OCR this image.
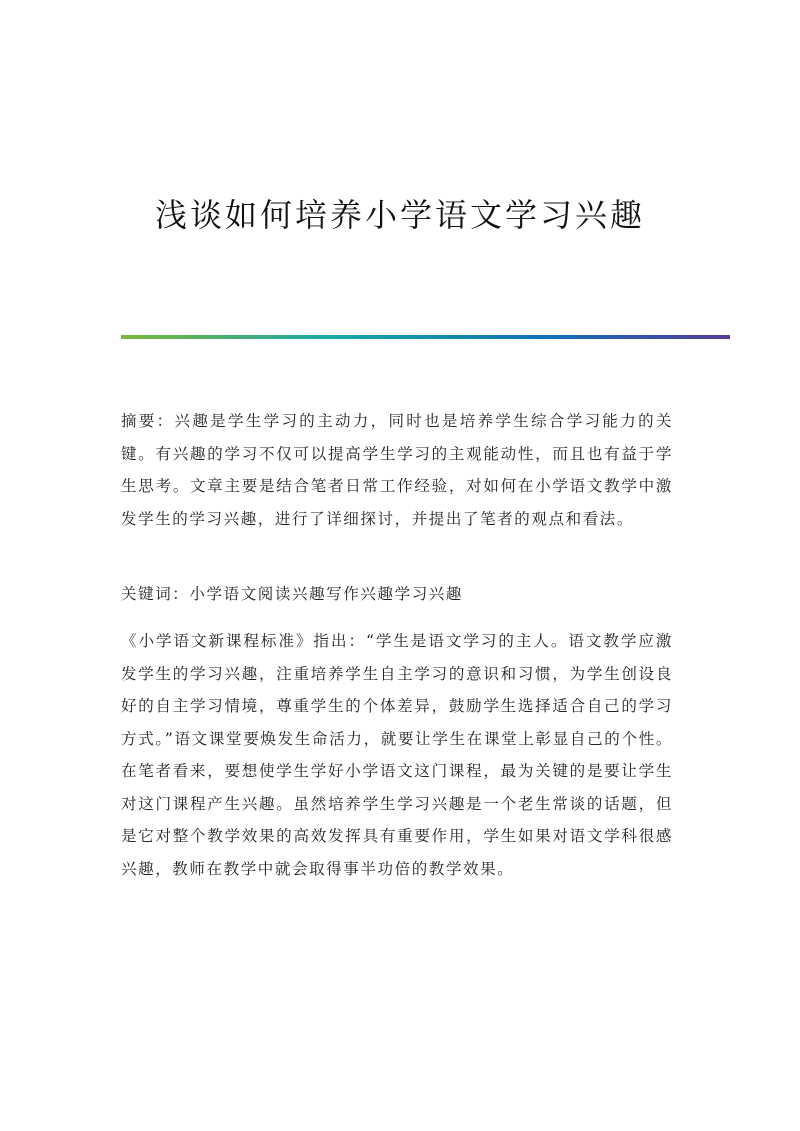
浅谈如何培养小学语文学习兴趣

摘要：兴趣是学生学习的主动力，同时也是培养学生综合学习能力的关键。有兴趣的学习不仅可以提高学生学习的主观能动性，而且也有益于学生思考。文章主要是结合笔者日常工作经验，对如何在小学语文教学中激发学生的学习兴趣，进行了详细探讨，并提出了笔者的观点和看法。

关键词：小学语文阅读兴趣写作兴趣学习兴趣

《小学语文新课程标准》指出：“学生是语文学习的主人。语文教学应激发学生的学习兴趣，注重培养学生自主学习的意识和习惯，为学生创设良好的自主学习情境，尊重学生的个体差异，鼓励学生选择适合自己的学习方式。”语文课堂要焕发生命活力，就要让学生在课堂上彰显自己的个性。在笔者看来，要想使学生学好小学语文这门课程，最为关键的是要让学生对这门课程产生兴趣。虽然培养学生学习兴趣是一个老生常谈的话题，但是它对整个教学效果的高效发挥具有重要作用，学生如果对语文学科很感兴趣，教师在教学中就会取得事半功倍的教学效果。
